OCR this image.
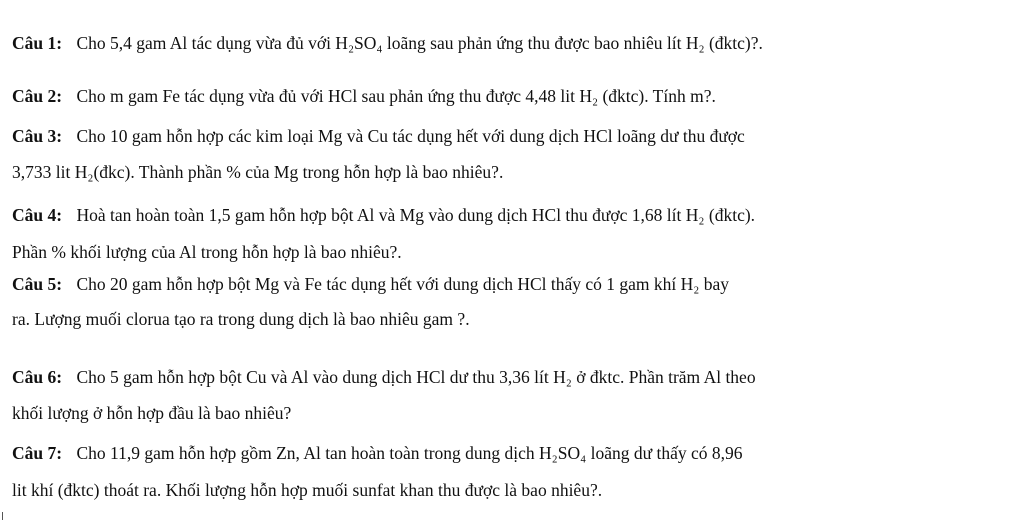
Câu 1: Cho 5,4 gam Al tác dụng vừa đủ với H₂SO₄ loãng sau phản ứng thu được bao nhiêu lít H₂ (đktc)?.
Câu 2: Cho m gam Fe tác dụng vừa đủ với HCl sau phản ứng thu được 4,48 lit H₂ (đktc). Tính m?.
Câu 3: Cho 10 gam hỗn hợp các kim loại Mg và Cu tác dụng hết với dung dịch HCl loãng dư thu được
3,733 lit H₂(đkc). Thành phần % của Mg trong hỗn hợp là bao nhiêu?.
Câu 4: Hoà tan hoàn toàn 1,5 gam hỗn hợp bột Al và Mg vào dung dịch HCl thu được 1,68 lít H₂ (đktc).
Phần % khối lượng của Al trong hỗn hợp là bao nhiêu?.
Câu 5: Cho 20 gam hỗn hợp bột Mg và Fe tác dụng hết với dung dịch HCl thấy có 1 gam khí H₂ bay
ra. Lượng muối clorua tạo ra trong dung dịch là bao nhiêu gam ?.
Câu 6: Cho 5 gam hỗn hợp bột Cu và Al vào dung dịch HCl dư thu 3,36 lít H₂ ở đktc. Phần trăm Al theo
khối lượng ở hỗn hợp đầu là bao nhiêu?
Câu 7: Cho 11,9 gam hỗn hợp gồm Zn, Al tan hoàn toàn trong dung dịch H₂SO₄ loãng dư thấy có 8,96
lit khí (đktc) thoát ra. Khối lượng hỗn hợp muối sunfat khan thu được là bao nhiêu?.
